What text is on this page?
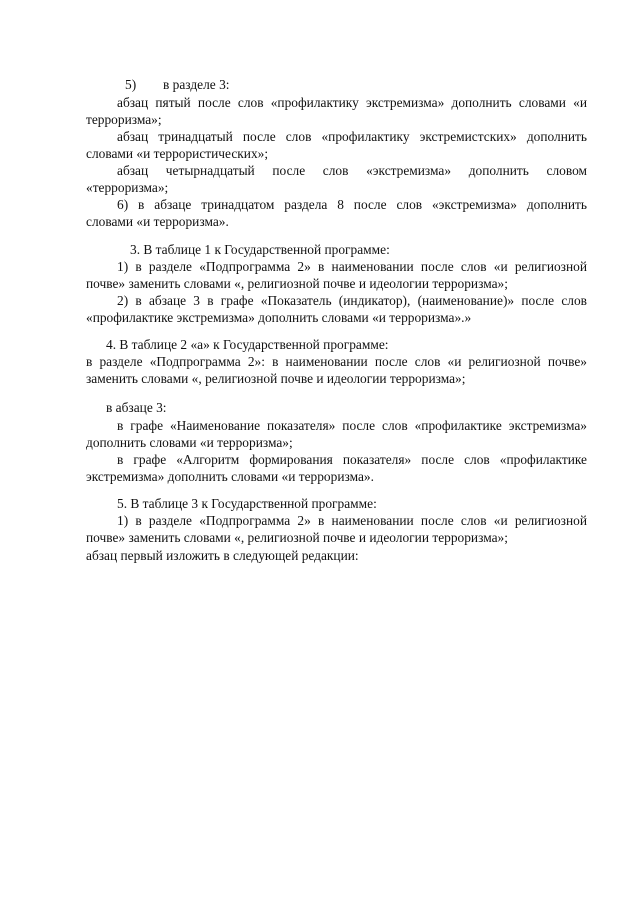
5) в разделе 3:

абзац пятый после слов «профилактику экстремизма» дополнить словами «и

терроризма»;

абзац тринадцатый после слов «профилактику экстремистских» дополнить

словами «и террористических»;

абзац четырнадцатый после слов «экстремизма» дополнить словом

«терроризма»;

6) в абзаце тринадцатом раздела 8 после слов «экстремизма» дополнить

словами «и терроризма».

3. В таблице 1 к Государственной программе:

1) в разделе «Подпрограмма 2» в наименовании после слов «и религиозной

почве» заменить словами «, религиозной почве и идеологии терроризма»;

2) в абзаце 3 в графе «Показатель (индикатор), (наименование)» после слов

«профилактике экстремизма» дополнить словами «и терроризма».»

4. В таблице 2 «а» к Государственной программе:

в разделе «Подпрограмма 2»: в наименовании после слов «и религиозной почве»

заменить словами «, религиозной почве и идеологии терроризма»;

в абзаце 3:

в графе «Наименование показателя» после слов «профилактике экстремизма»

дополнить словами «и терроризма»;

в графе «Алгоритм формирования показателя» после слов «профилактике

экстремизма» дополнить словами «и терроризма».

5. В таблице 3 к Государственной программе:

1) в разделе «Подпрограмма 2» в наименовании после слов «и религиозной

почве» заменить словами «, религиозной почве и идеологии терроризма»;

абзац первый изложить в следующей редакции:
